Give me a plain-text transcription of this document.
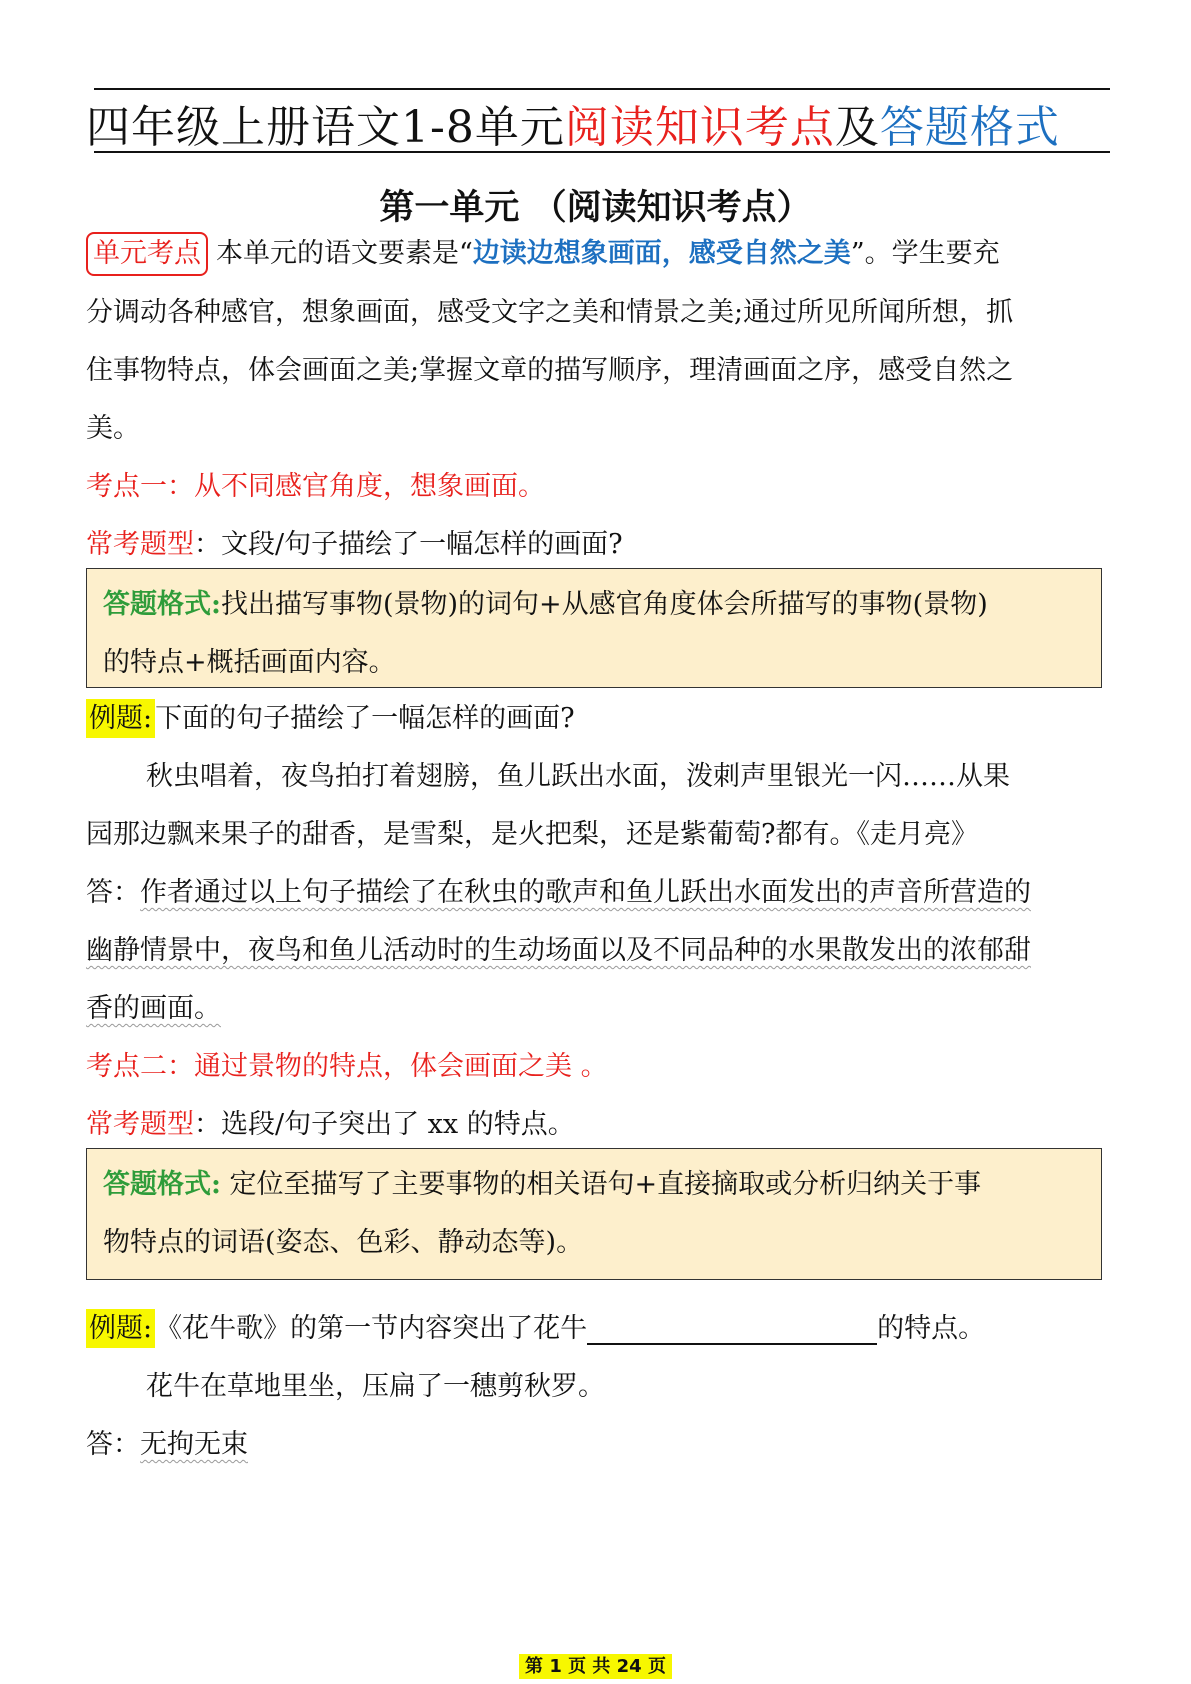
四年级上册语文1-8单元阅读知识考点及答题格式
第一单元 （阅读知识考点）
单元考点 本单元的语文要素是“边读边想象画面，感受自然之美”。学生要充
分调动各种感官，想象画面，感受文字之美和情景之美;通过所见所闻所想，抓
住事物特点，体会画面之美;掌握文章的描写顺序，理清画面之序，感受自然之
美。
考点一：从不同感官角度，想象画面。
常考题型：文段/句子描绘了一幅怎样的画面?
答题格式:找出描写事物(景物)的词句+从感官角度体会所描写的事物(景物)
的特点+概括画面内容。
例题: 下面的句子描绘了一幅怎样的画面?
秋虫唱着，夜鸟拍打着翅膀，鱼儿跃出水面，泼刺声里银光一闪……从果
园那边飘来果子的甜香，是雪梨，是火把梨，还是紫葡萄?都有。《走月亮》
答：作者通过以上句子描绘了在秋虫的歌声和鱼儿跃出水面发出的声音所营造的
幽静情景中，夜鸟和鱼儿活动时的生动场面以及不同品种的水果散发出的浓郁甜
香的画面。
考点二：通过景物的特点，体会画面之美 。
常考题型：选段/句子突出了 xx 的特点。
答题格式: 定位至描写了主要事物的相关语句+直接摘取或分析归纳关于事
物特点的词语(姿态、色彩、静动态等)。
例题: 《花牛歌》的第一节内容突出了花牛	的特点。
花牛在草地里坐，压扁了一穗剪秋罗。
答：无拘无束
第 1 页 共 24 页
